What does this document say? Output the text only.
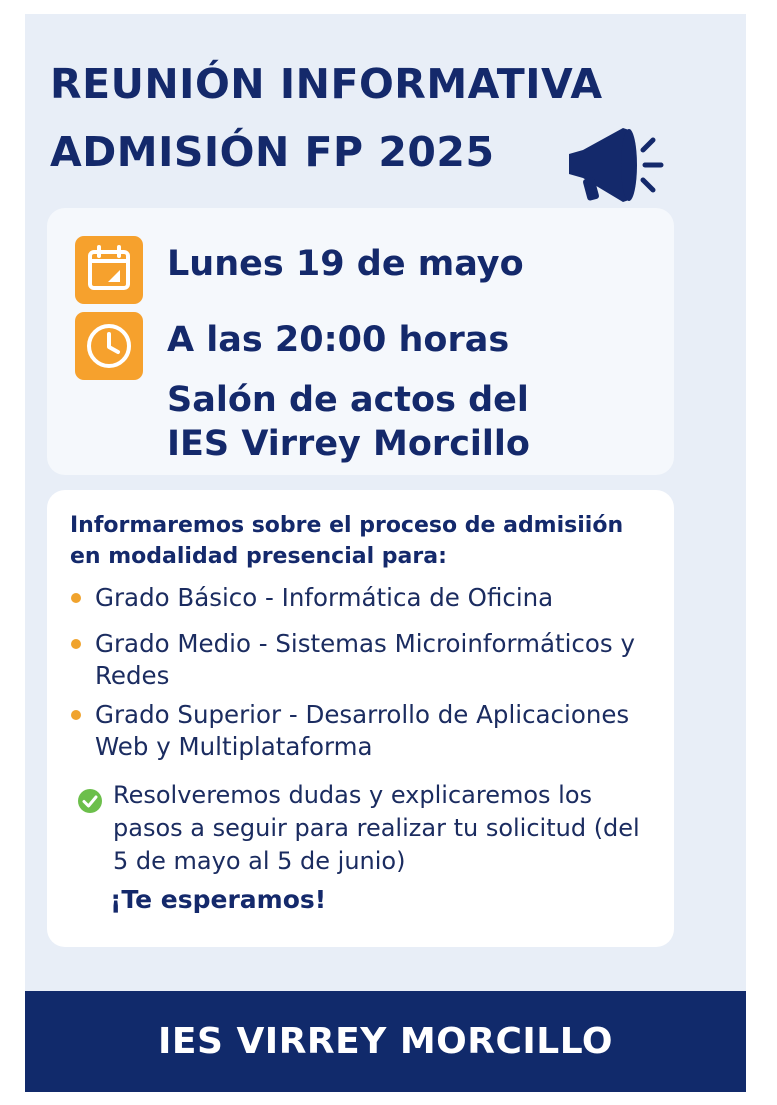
REUNIÓN INFORMATIVA
ADMISIÓN FP 2025
Lunes 19 de mayo
A las 20:00 horas
Salón de actos del
IES Virrey Morcillo
Informaremos sobre el proceso de admisiión
en modalidad presencial para:
Grado Básico - Informática de Oficina
Grado Medio - Sistemas Microinformáticos y Redes
Grado Superior - Desarrollo de Aplicaciones Web y Multiplataforma
Resolveremos dudas y explicaremos los pasos a seguir para realizar tu solicitud (del 5 de mayo al 5 de junio)
¡Te esperamos!
IES VIRREY MORCILLO
